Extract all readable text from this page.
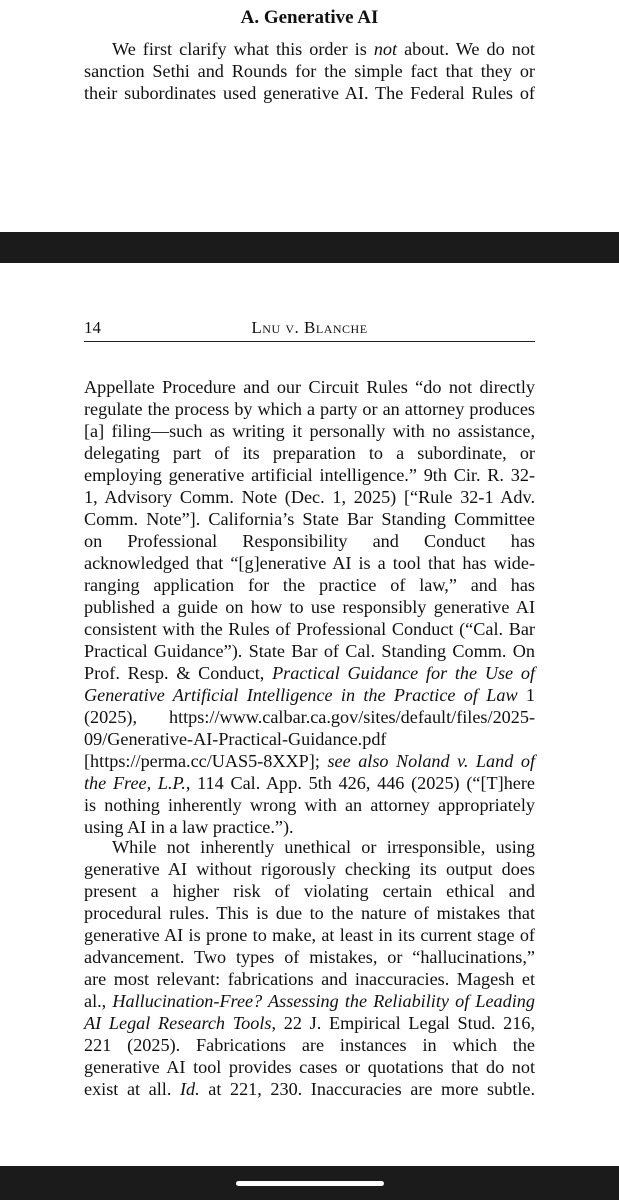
A. Generative AI
We first clarify what this order is not about. We do not
sanction Sethi and Rounds for the simple fact that they or
their subordinates used generative AI. The Federal Rules of
14	Lnu v. Blanche
Appellate Procedure and our Circuit Rules “do not directly
regulate the process by which a party or an attorney produces
[a] filing—such as writing it personally with no assistance,
delegating part of its preparation to a subordinate, or
employing generative artificial intelligence.” 9th Cir. R. 32-
1, Advisory Comm. Note (Dec. 1, 2025) [“Rule 32-1 Adv.
Comm. Note”]. California’s State Bar Standing Committee
on Professional Responsibility and Conduct has
acknowledged that “[g]enerative AI is a tool that has wide-
ranging application for the practice of law,” and has
published a guide on how to use responsibly generative AI
consistent with the Rules of Professional Conduct (“Cal. Bar
Practical Guidance”). State Bar of Cal. Standing Comm. On
Prof. Resp. & Conduct, Practical Guidance for the Use of
Generative Artificial Intelligence in the Practice of Law 1
(2025), https://www.calbar.ca.gov/sites/default/files/2025-
09/Generative-AI-Practical-Guidance.pdf
[https://perma.cc/UAS5-8XXP]; see also Noland v. Land of
the Free, L.P., 114 Cal. App. 5th 426, 446 (2025) (“[T]here
is nothing inherently wrong with an attorney appropriately
using AI in a law practice.”).
While not inherently unethical or irresponsible, using
generative AI without rigorously checking its output does
present a higher risk of violating certain ethical and
procedural rules. This is due to the nature of mistakes that
generative AI is prone to make, at least in its current stage of
advancement. Two types of mistakes, or “hallucinations,”
are most relevant: fabrications and inaccuracies. Magesh et
al., Hallucination-Free? Assessing the Reliability of Leading
AI Legal Research Tools, 22 J. Empirical Legal Stud. 216,
221 (2025). Fabrications are instances in which the
generative AI tool provides cases or quotations that do not
exist at all. Id. at 221, 230. Inaccuracies are more subtle.
